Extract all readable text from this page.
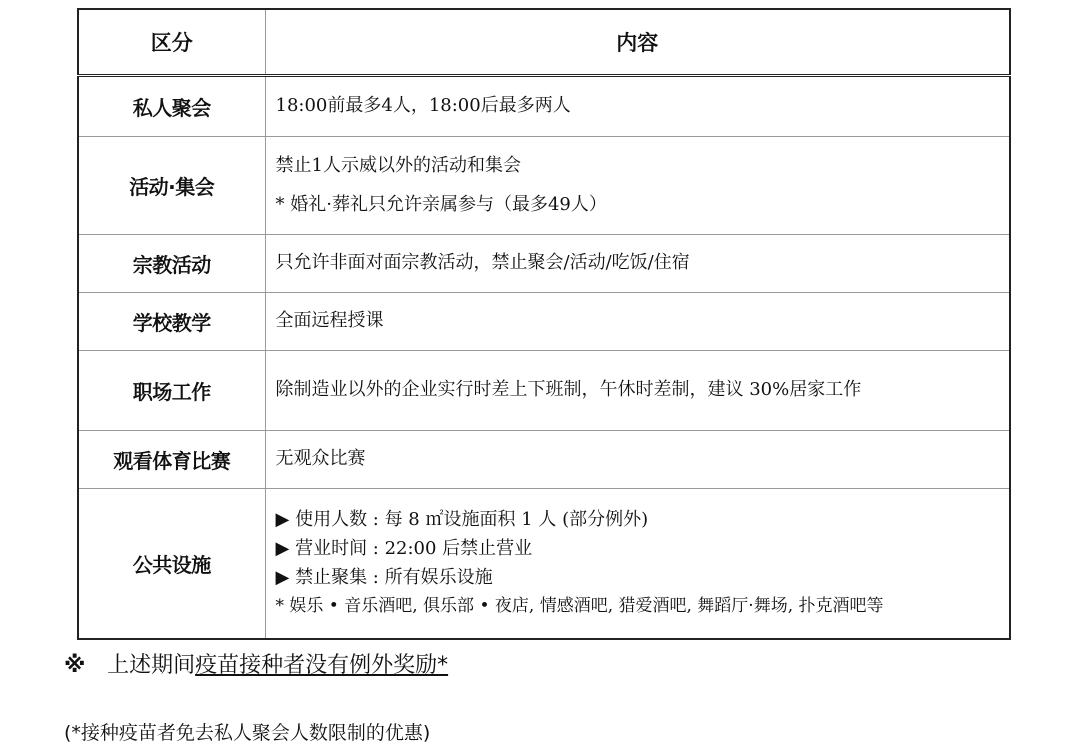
区分	内容
私人聚会	18:00前最多4人，18:00后最多两人

活动·集会	禁止1人示威以外的活动和集会
* 婚礼·葬礼只允许亲属参与（最多49人）

宗教活动	只允许非面对面宗教活动，禁止聚会/活动/吃饭/住宿

学校教学	全面远程授课

职场工作	除制造业以外的企业实行时差上下班制，午休时差制，建议 30%居家工作

观看体育比赛	无观众比赛

公共设施	▶ 使用人数 : 每 8 ㎡设施面积 1 人 (部分例外)
▶ 营业时间 : 22:00 后禁止营业
▶ 禁止聚集 : 所有娱乐设施
* 娱乐 • 音乐酒吧, 俱乐部 • 夜店, 情感酒吧, 猎爱酒吧, 舞蹈厅·舞场, 扑克酒吧等
※ 上述期间疫苗接种者没有例外奖励*
(*接种疫苗者免去私人聚会人数限制的优惠)
